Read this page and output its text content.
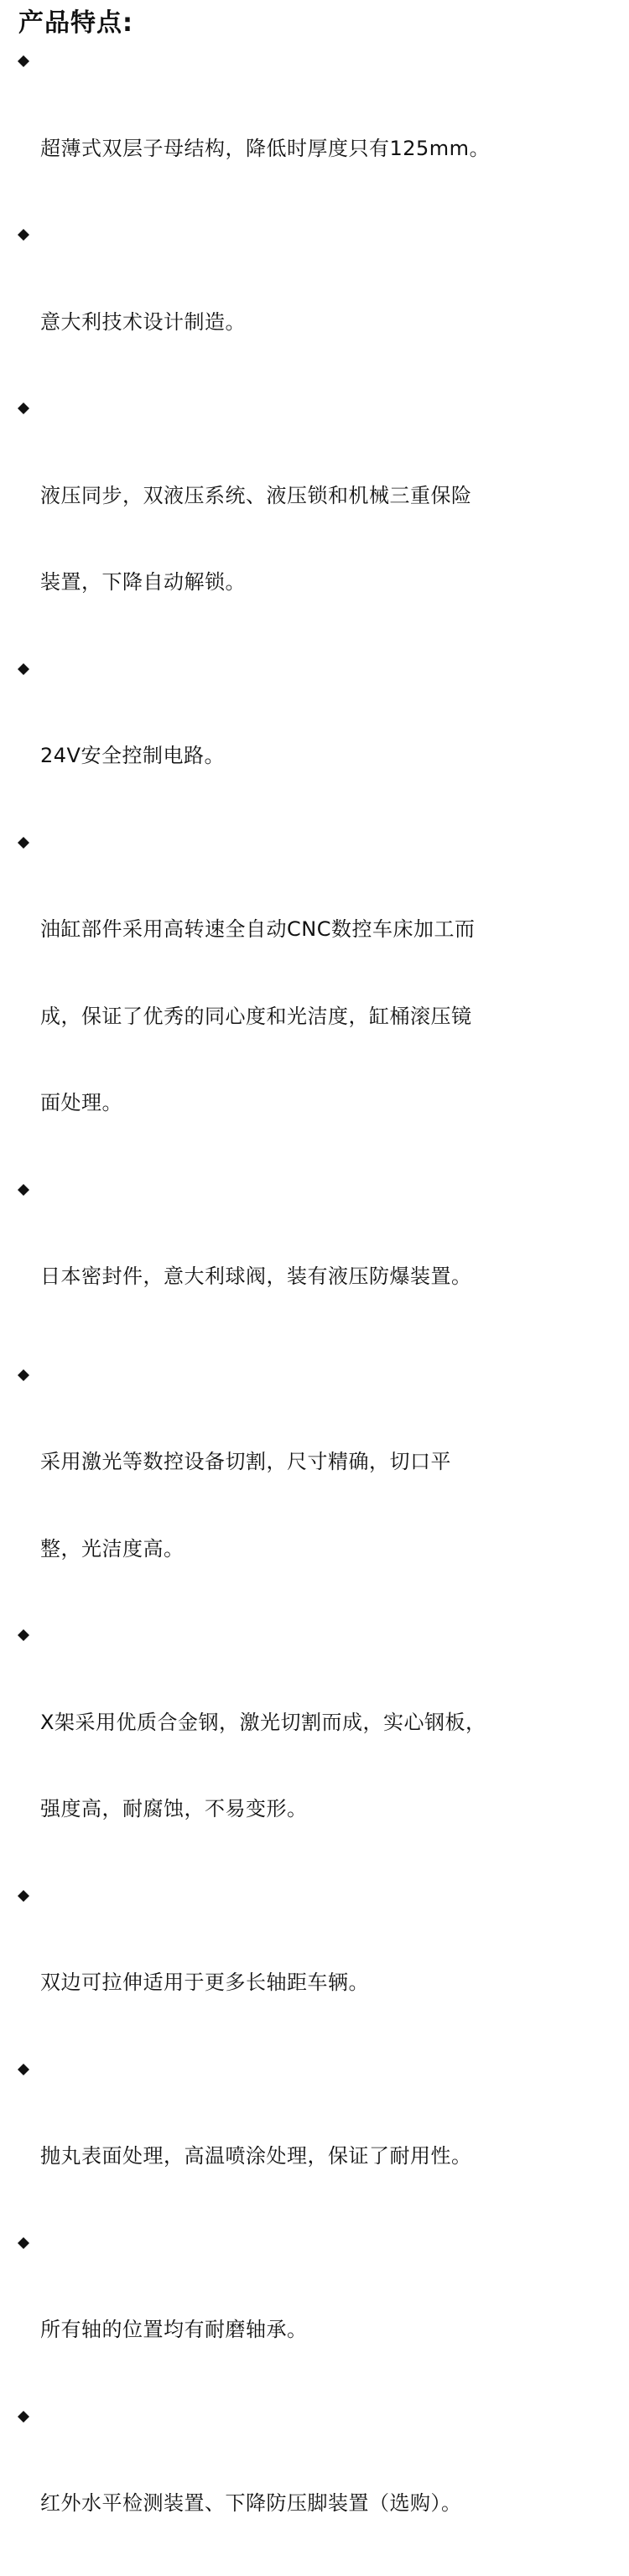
产品特点:

超薄式双层子母结构，降低时厚度只有125mm。

意大利技术设计制造。

液压同步，双液压系统、液压锁和机械三重保险

装置，下降自动解锁。

24V安全控制电路。

油缸部件采用高转速全自动CNC数控车床加工而

成，保证了优秀的同心度和光洁度，缸桶滚压镜

面处理。

日本密封件，意大利球阀，装有液压防爆装置。

采用激光等数控设备切割，尺寸精确，切口平

整，光洁度高。

X架采用优质合金钢，激光切割而成，实心钢板，

强度高，耐腐蚀，不易变形。

双边可拉伸适用于更多长轴距车辆。

抛丸表面处理，高温喷涂处理，保证了耐用性。

所有轴的位置均有耐磨轴承。

红外水平检测装置、下降防压脚装置（选购）。
